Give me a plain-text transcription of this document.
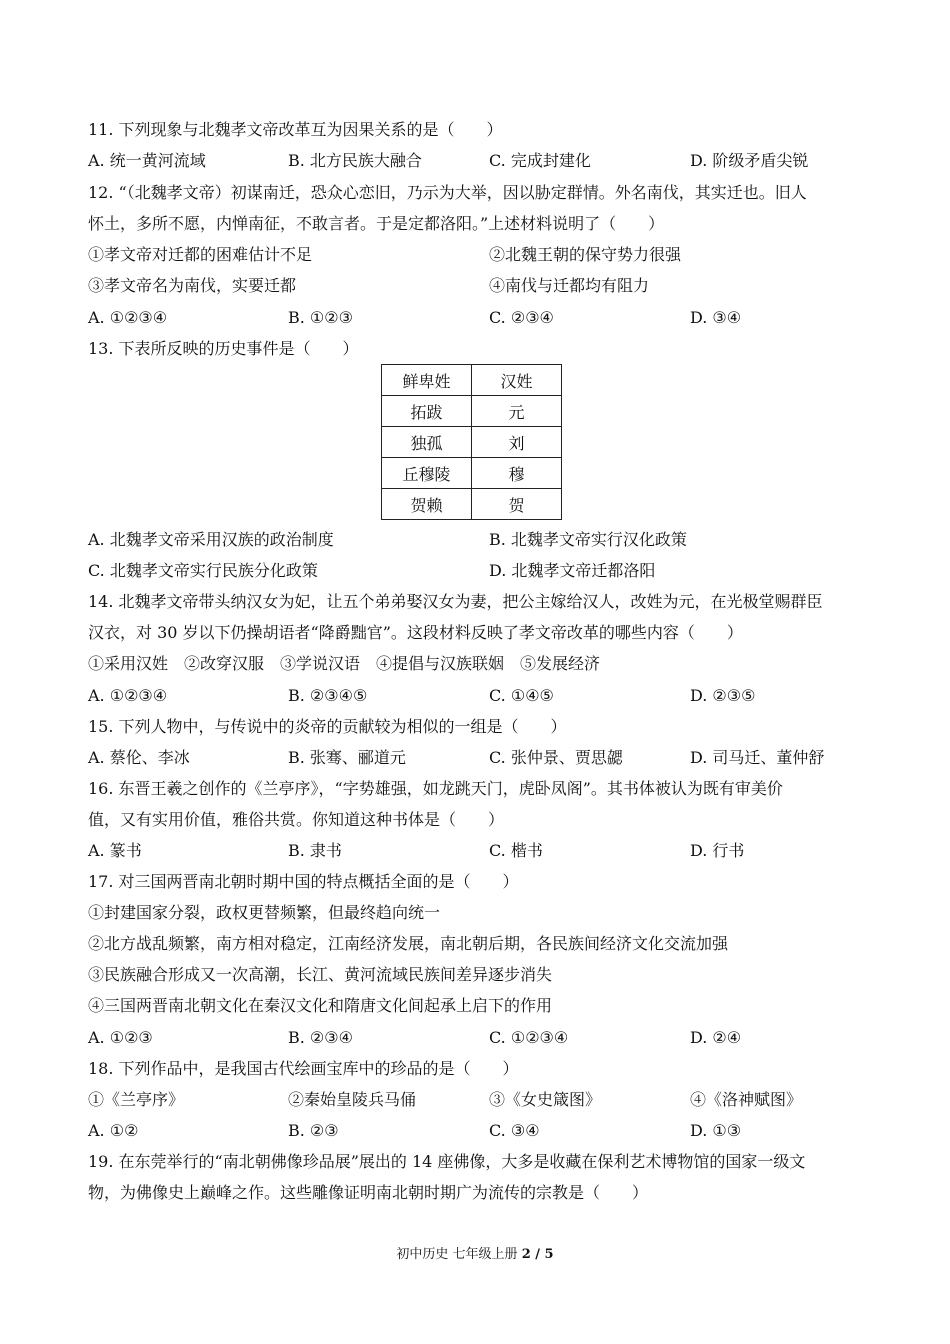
11. 下列现象与北魏孝文帝改革互为因果关系的是（　　）
A. 统一黄河流域	B. 北方民族大融合	C. 完成封建化	D. 阶级矛盾尖锐
12. “（北魏孝文帝）初谋南迁，恐众心恋旧，乃示为大举，因以胁定群情。外名南伐，其实迁也。旧人
怀土，多所不愿，内惮南征，不敢言者。于是定都洛阳。”上述材料说明了（　　）
①孝文帝对迁都的困难估计不足	②北魏王朝的保守势力很强
③孝文帝名为南伐，实要迁都	④南伐与迁都均有阻力
A. ①②③④	B. ①②③	C. ②③④	D. ③④
13. 下表所反映的历史事件是（　　）
鲜卑姓	汉姓
拓跋	元
独孤	刘
丘穆陵	穆
贺赖	贺
A. 北魏孝文帝采用汉族的政治制度	B. 北魏孝文帝实行汉化政策
C. 北魏孝文帝实行民族分化政策	D. 北魏孝文帝迁都洛阳
14. 北魏孝文帝带头纳汉女为妃，让五个弟弟娶汉女为妻，把公主嫁给汉人，改姓为元，在光极堂赐群臣
汉衣，对 30 岁以下仍操胡语者“降爵黜官”。这段材料反映了孝文帝改革的哪些内容（　　）
①采用汉姓　②改穿汉服　③学说汉语　④提倡与汉族联姻　⑤发展经济
A. ①②③④	B. ②③④⑤	C. ①④⑤	D. ②③⑤
15. 下列人物中，与传说中的炎帝的贡献较为相似的一组是（　　）
A. 蔡伦、李冰	B. 张骞、郦道元	C. 张仲景、贾思勰	D. 司马迁、董仲舒
16. 东晋王羲之创作的《兰亭序》，“字势雄强，如龙跳天门，虎卧凤阁”。其书体被认为既有审美价
值，又有实用价值，雅俗共赏。你知道这种书体是（　　）
A. 篆书	B. 隶书	C. 楷书	D. 行书
17. 对三国两晋南北朝时期中国的特点概括全面的是（　　）
①封建国家分裂，政权更替频繁，但最终趋向统一
②北方战乱频繁，南方相对稳定，江南经济发展，南北朝后期，各民族间经济文化交流加强
③民族融合形成又一次高潮，长江、黄河流域民族间差异逐步消失
④三国两晋南北朝文化在秦汉文化和隋唐文化间起承上启下的作用
A. ①②③	B. ②③④	C. ①②③④	D. ②④
18. 下列作品中，是我国古代绘画宝库中的珍品的是（　　）
①《兰亭序》	②秦始皇陵兵马俑	③《女史箴图》	④《洛神赋图》
A. ①②	B. ②③	C. ③④	D. ①③
19. 在东莞举行的“南北朝佛像珍品展”展出的 14 座佛像，大多是收藏在保利艺术博物馆的国家一级文
物，为佛像史上巅峰之作。这些雕像证明南北朝时期广为流传的宗教是（　　）
初中历史 七年级上册 2 / 5
